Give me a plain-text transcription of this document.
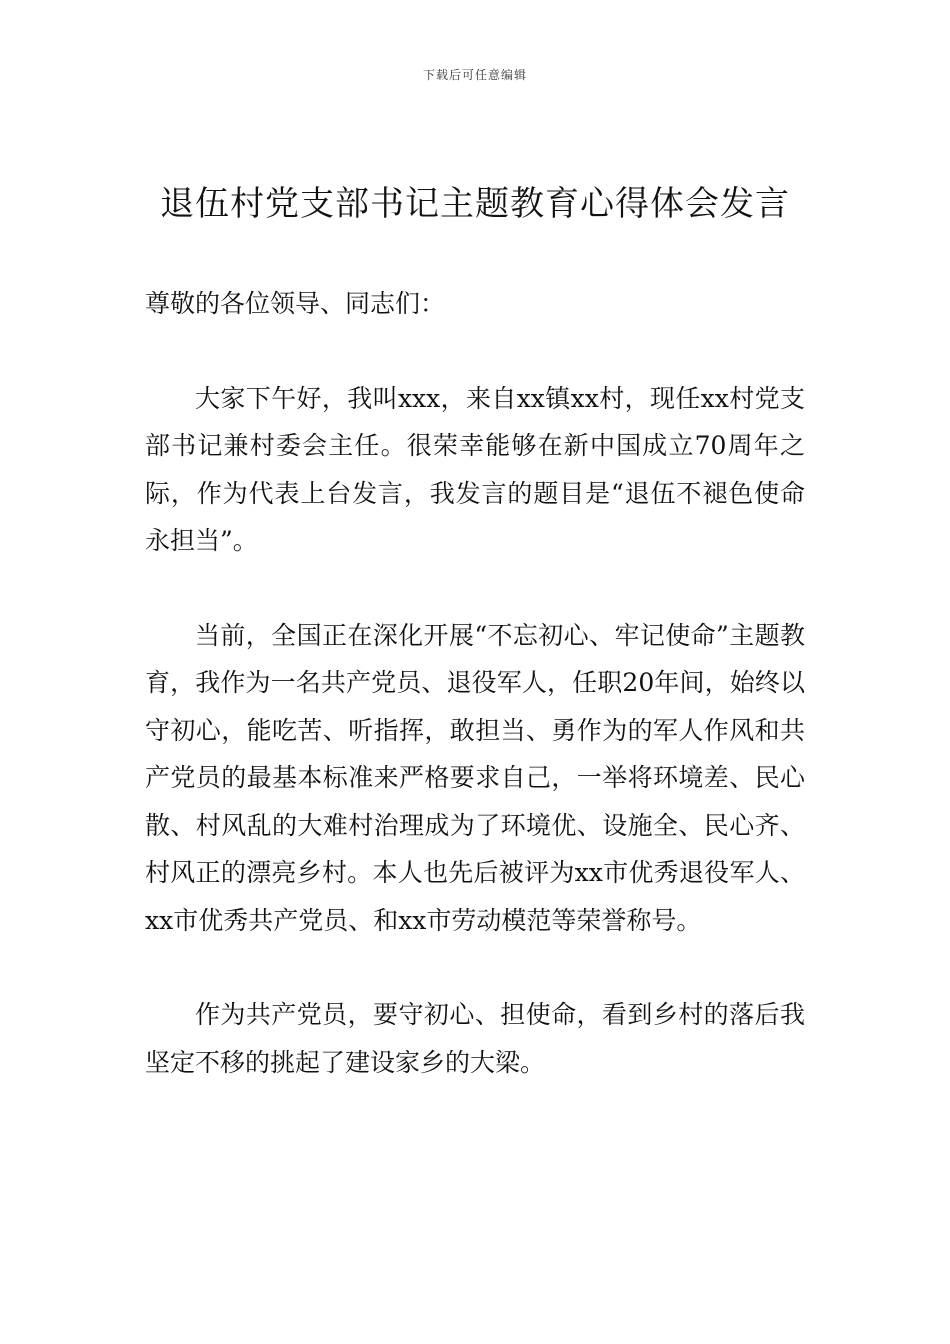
下载后可任意编辑
退伍村党支部书记主题教育心得体会发言

尊敬的各位领导、同志们：

大家下午好，我叫xxx，来自xx镇xx村，现任xx村党支部书记兼村委会主任。很荣幸能够在新中国成立70周年之际，作为代表上台发言，我发言的题目是“退伍不褪色使命永担当”。

当前，全国正在深化开展“不忘初心、牢记使命”主题教育，我作为一名共产党员、退役军人，任职20年间，始终以守初心，能吃苦、听指挥，敢担当、勇作为的军人作风和共产党员的最基本标准来严格要求自己，一举将环境差、民心散、村风乱的大难村治理成为了环境优、设施全、民心齐、村风正的漂亮乡村。本人也先后被评为xx市优秀退役军人、xx市优秀共产党员、和xx市劳动模范等荣誉称号。

作为共产党员，要守初心、担使命，看到乡村的落后我坚定不移的挑起了建设家乡的大梁。
